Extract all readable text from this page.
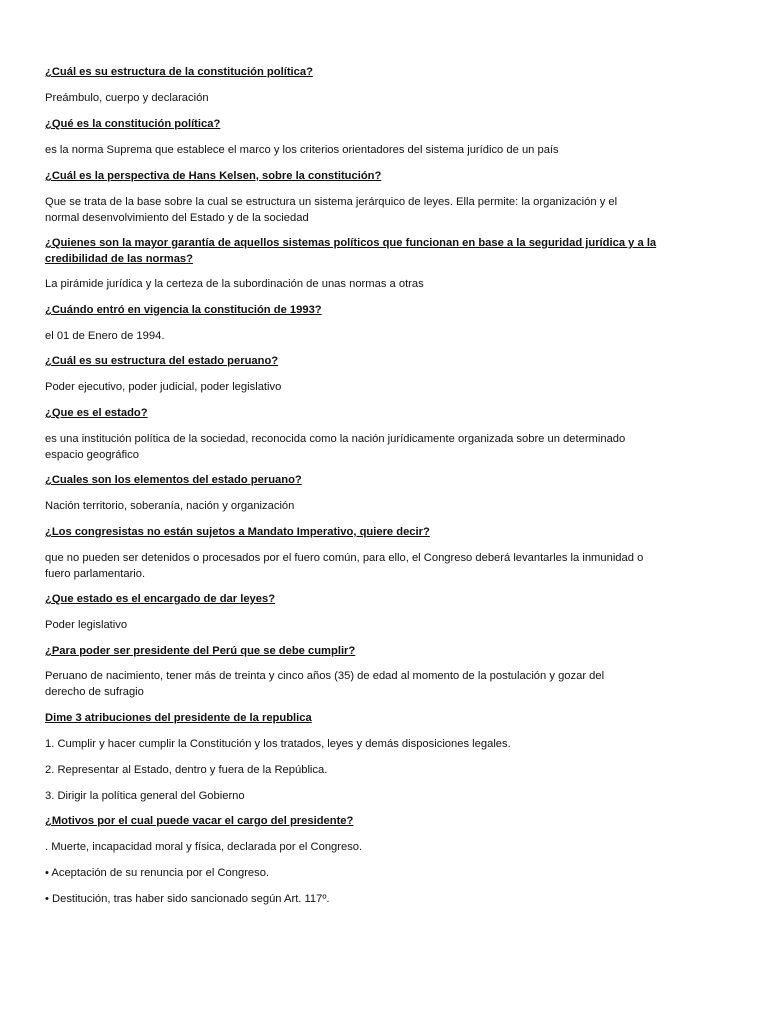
¿Cuál es su estructura de la constitución política?
Preámbulo, cuerpo y declaración
¿Qué es la constitución política?
es la norma Suprema que establece el marco y los criterios orientadores del sistema jurídico de un país
¿Cuál es la perspectiva de Hans Kelsen, sobre la constitución?
Que se trata de la base sobre la cual se estructura un sistema jerárquico de leyes. Ella permite: la organización y el
normal desenvolvimiento del Estado y de la sociedad
¿Quienes son la mayor garantía de aquellos sistemas políticos que funcionan en base a la seguridad jurídica y a la
credibilidad de las normas?
La pirámide jurídica y la certeza de la subordinación de unas normas a otras
¿Cuándo entró en vigencia la constitución de 1993?
el 01 de Enero de 1994.
¿Cuál es su estructura del estado peruano?
Poder ejecutivo, poder judicial, poder legislativo
¿Que es el estado?
es una institución política de la sociedad, reconocida como la nación jurídicamente organizada sobre un determinado
espacio geográfico
¿Cuales son los elementos del estado peruano?
Nación territorio, soberanía, nación y organización
¿Los congresistas no están sujetos a Mandato Imperativo, quiere decir?
que no pueden ser detenidos o procesados por el fuero común, para ello, el Congreso deberá levantarles la inmunidad o
fuero parlamentario.
¿Que estado es el encargado de dar leyes?
Poder legislativo
¿Para poder ser presidente del Perú que se debe cumplir?
Peruano de nacimiento, tener más de treinta y cinco años (35) de edad al momento de la postulación y gozar del
derecho de sufragio
Dime 3 atribuciones del presidente de la republica
1. Cumplir y hacer cumplir la Constitución y los tratados, leyes y demás disposiciones legales.
2. Representar al Estado, dentro y fuera de la República.
3. Dirigir la política general del Gobierno
¿Motivos por el cual puede vacar el cargo del presidente?
. Muerte, incapacidad moral y física, declarada por el Congreso.
• Aceptación de su renuncia por el Congreso.
• Destitución, tras haber sido sancionado según Art. 117º.
